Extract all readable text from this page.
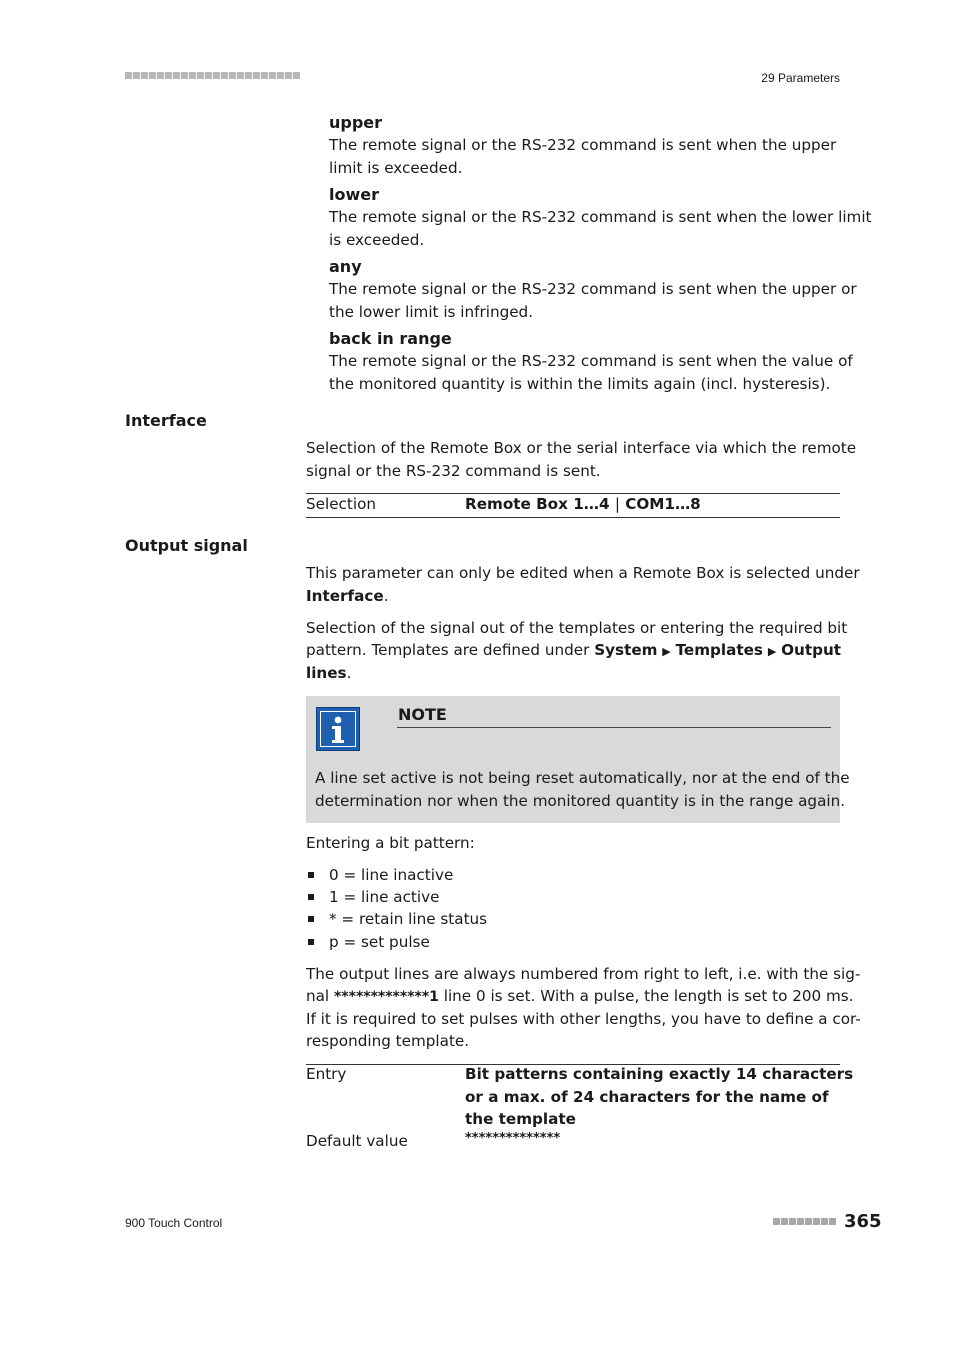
29 Parameters
upper
The remote signal or the RS-232 command is sent when the upper
limit is exceeded.
lower
The remote signal or the RS-232 command is sent when the lower limit
is exceeded.
any
The remote signal or the RS-232 command is sent when the upper or
the lower limit is infringed.
back in range
The remote signal or the RS-232 command is sent when the value of
the monitored quantity is within the limits again (incl. hysteresis).
Interface
Selection of the Remote Box or the serial interface via which the remote
signal or the RS-232 command is sent.
Selection	Remote Box 1…4 | COM1…8
Output signal
This parameter can only be edited when a Remote Box is selected under
Interface.
Selection of the signal out of the templates or entering the required bit
pattern. Templates are defined under System ▶ Templates ▶ Output
lines.
NOTE
A line set active is not being reset automatically, nor at the end of the
determination nor when the monitored quantity is in the range again.
Entering a bit pattern:
0 = line inactive
1 = line active
* = retain line status
p = set pulse
The output lines are always numbered from right to left, i.e. with the sig-
nal *************1 line 0 is set. With a pulse, the length is set to 200 ms.
If it is required to set pulses with other lengths, you have to define a cor-
responding template.
Entry	Bit patterns containing exactly 14 characters
or a max. of 24 characters for the name of
the template
Default value	**************
900 Touch Control	365
